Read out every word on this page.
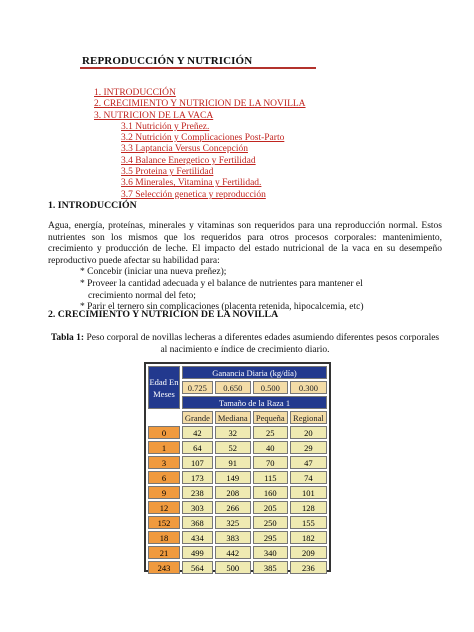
REPRODUCCIÓN Y NUTRICIÓN
1. INTRODUCCIÓN
2. CRECIMIENTO Y NUTRICION DE LA NOVILLA
3. NUTRICION DE LA VACA
3.1 Nutrición y Preñez.
3.2 Nutrición y Complicaciones Post-Parto
3.3 Laptancia Versus Concepción
3.4 Balance Energetico y Fertilidad
3.5 Proteina y Fertilidad
3.6 Minerales, Vitamina y Fertilidad.
3.7 Selección genetica y reproducción
1. INTRODUCCIÓN

Agua, energía, proteínas, minerales y vitaminas son requeridos para una reproducción normal. Estos nutrientes son los mismos que los requeridos para otros procesos corporales: mantenimiento, crecimiento y producción de leche. El impacto del estado nutricional de la vaca en su desempeño reproductivo puede afectar su habilidad para:

* Concebir (iniciar una nueva preñez);

* Proveer la cantidad adecuada y el balance de nutrientes para mantener el

crecimiento normal del feto;

* Parir el ternero sin complicaciones (placenta retenida, hipocalcemia, etc)

2. CRECIMIENTO Y NUTRICION DE LA NOVILLA
Tabla 1: Peso corporal de novillas lecheras a diferentes edades asumiendo diferentes pesos corporales al nacimiento e índice de crecimiento diario.
Edad En Meses	Ganancia Diaria (kg/día)			
	0.725	0.650	0.500	0.300
	Tamaño de la Raza 1			
	Grande	Mediana	Pequeña	Regional
0	42	32	25	20
1	64	52	40	29
3	107	91	70	47
6	173	149	115	74
9	238	208	160	101
12	303	266	205	128
152	368	325	250	155
18	434	383	295	182
21	499	442	340	209
243	564	500	385	236
